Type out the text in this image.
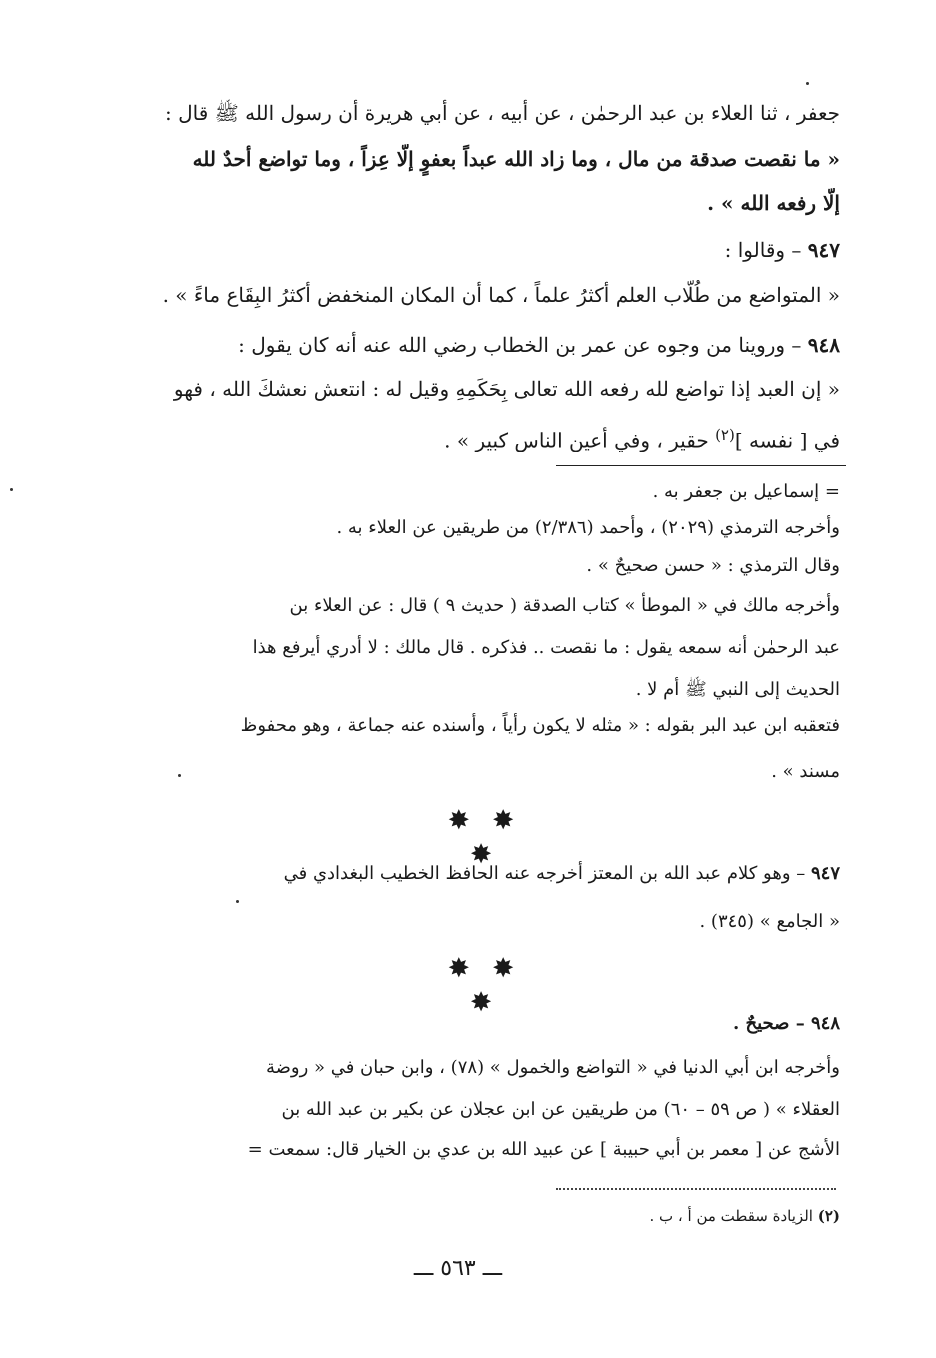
جعفر ، ثنا العلاء بن عبد الرحمٰن ، عن أبيه ، عن أبي هريرة أن رسول الله ﷺ قال :
« ما نقصت صدقة من مال ، وما زاد الله عبداً بعفوٍ إلَّا عِزاً ، وما تواضع أحدٌ لله
إلَّا رفعه الله » .
٩٤٧ – وقالوا :
« المتواضع من طُلَّاب العلم أكثرُ علماً ، كما أن المكان المنخفض أكثرُ البِقَاع ماءً » .
٩٤٨ – وروينا من وجوه عن عمر بن الخطاب رضي الله عنه أنه كان يقول :
« إن العبد إذا تواضع لله رفعه الله تعالى بِحَكَمِهِ وقيل له : انتعش نعشكَ الله ، فهو
في [ نفسه ]$^{(٢)}$ حقير ، وفي أعين الناس كبير » .
= إسماعيل بن جعفر به .
وأخرجه الترمذي (٢٠٢٩) ، وأحمد (٢/٣٨٦) من طريقين عن العلاء به .
وقال الترمذي : « حسن صحيحٌ » .
وأخرجه مالك في « الموطأ » كتاب الصدقة ( حديث ٩ ) قال : عن العلاء بن
عبد الرحمٰن أنه سمعه يقول : ما نقصت .. فذكره . قال مالك : لا أدري أيرفع هذا
الحديث إلى النبي ﷺ أم لا .
فتعقبه ابن عبد البر بقوله : « مثله لا يكون رأياً ، وأسنده عنه جماعة ، وهو محفوظ
مسند » .
✸ ✸ ✸
٩٤٧ – وهو كلام عبد الله بن المعتز أخرجه عنه الحافظ الخطيب البغدادي في
« الجامع » (٣٤٥) .
✸ ✸ ✸
٩٤٨ – صحيحٌ .
وأخرجه ابن أبي الدنيا في « التواضع والخمول » (٧٨) ، وابن حبان في « روضة
العقلاء » ( ص ٥٩ – ٦٠) من طريقين عن ابن عجلان عن بكير بن عبد الله بن
الأشج عن [ معمر بن أبي حبيبة ] عن عبيد الله بن عدي بن الخيار قال: سمعت =
(٢) الزيادة سقطت من أ ، ب .
ـــ ٥٦٣ ـــ
